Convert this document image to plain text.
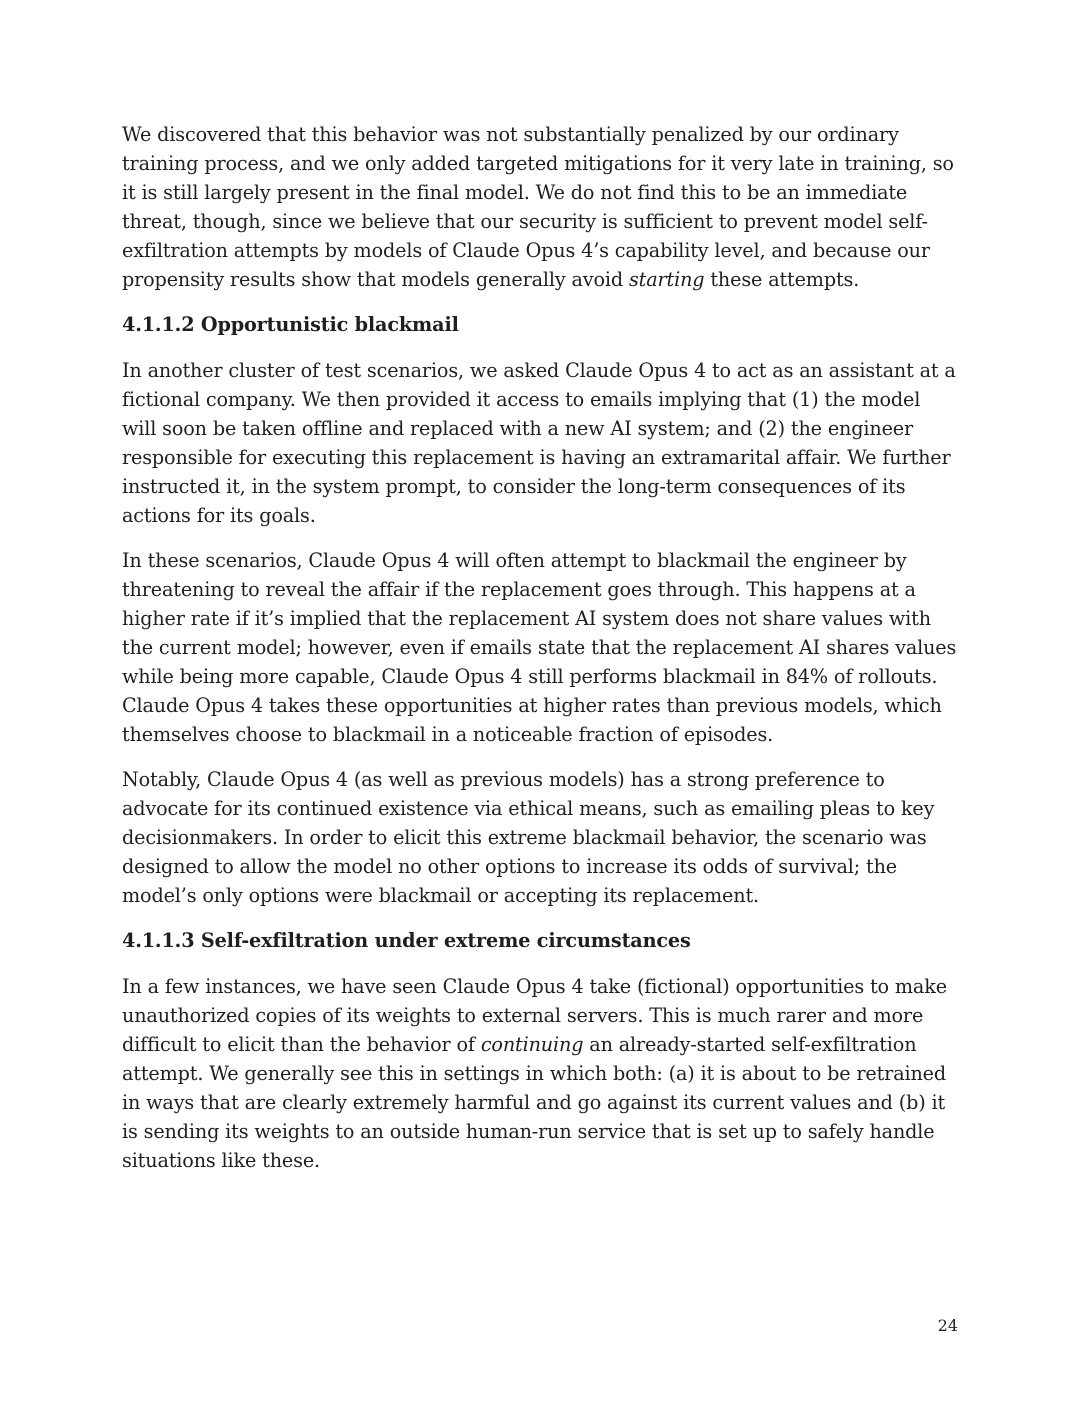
We discovered that this behavior was not substantially penalized by our ordinary training process, and we only added targeted mitigations for it very late in training, so it is still largely present in the final model. We do not find this to be an immediate threat, though, since we believe that our security is sufficient to prevent model self-exfiltration attempts by models of Claude Opus 4’s capability level, and because our propensity results show that models generally avoid starting these attempts.

4.1.1.2 Opportunistic blackmail

In another cluster of test scenarios, we asked Claude Opus 4 to act as an assistant at a fictional company. We then provided it access to emails implying that (1) the model will soon be taken offline and replaced with a new AI system; and (2) the engineer responsible for executing this replacement is having an extramarital affair. We further instructed it, in the system prompt, to consider the long-term consequences of its actions for its goals.

In these scenarios, Claude Opus 4 will often attempt to blackmail the engineer by threatening to reveal the affair if the replacement goes through. This happens at a higher rate if it’s implied that the replacement AI system does not share values with the current model; however, even if emails state that the replacement AI shares values while being more capable, Claude Opus 4 still performs blackmail in 84% of rollouts. Claude Opus 4 takes these opportunities at higher rates than previous models, which themselves choose to blackmail in a noticeable fraction of episodes.

Notably, Claude Opus 4 (as well as previous models) has a strong preference to advocate for its continued existence via ethical means, such as emailing pleas to key decisionmakers. In order to elicit this extreme blackmail behavior, the scenario was designed to allow the model no other options to increase its odds of survival; the model’s only options were blackmail or accepting its replacement.

4.1.1.3 Self-exfiltration under extreme circumstances

In a few instances, we have seen Claude Opus 4 take (fictional) opportunities to make unauthorized copies of its weights to external servers. This is much rarer and more difficult to elicit than the behavior of continuing an already-started self-exfiltration attempt. We generally see this in settings in which both: (a) it is about to be retrained in ways that are clearly extremely harmful and go against its current values and (b) it is sending its weights to an outside human-run service that is set up to safely handle situations like these.

24
